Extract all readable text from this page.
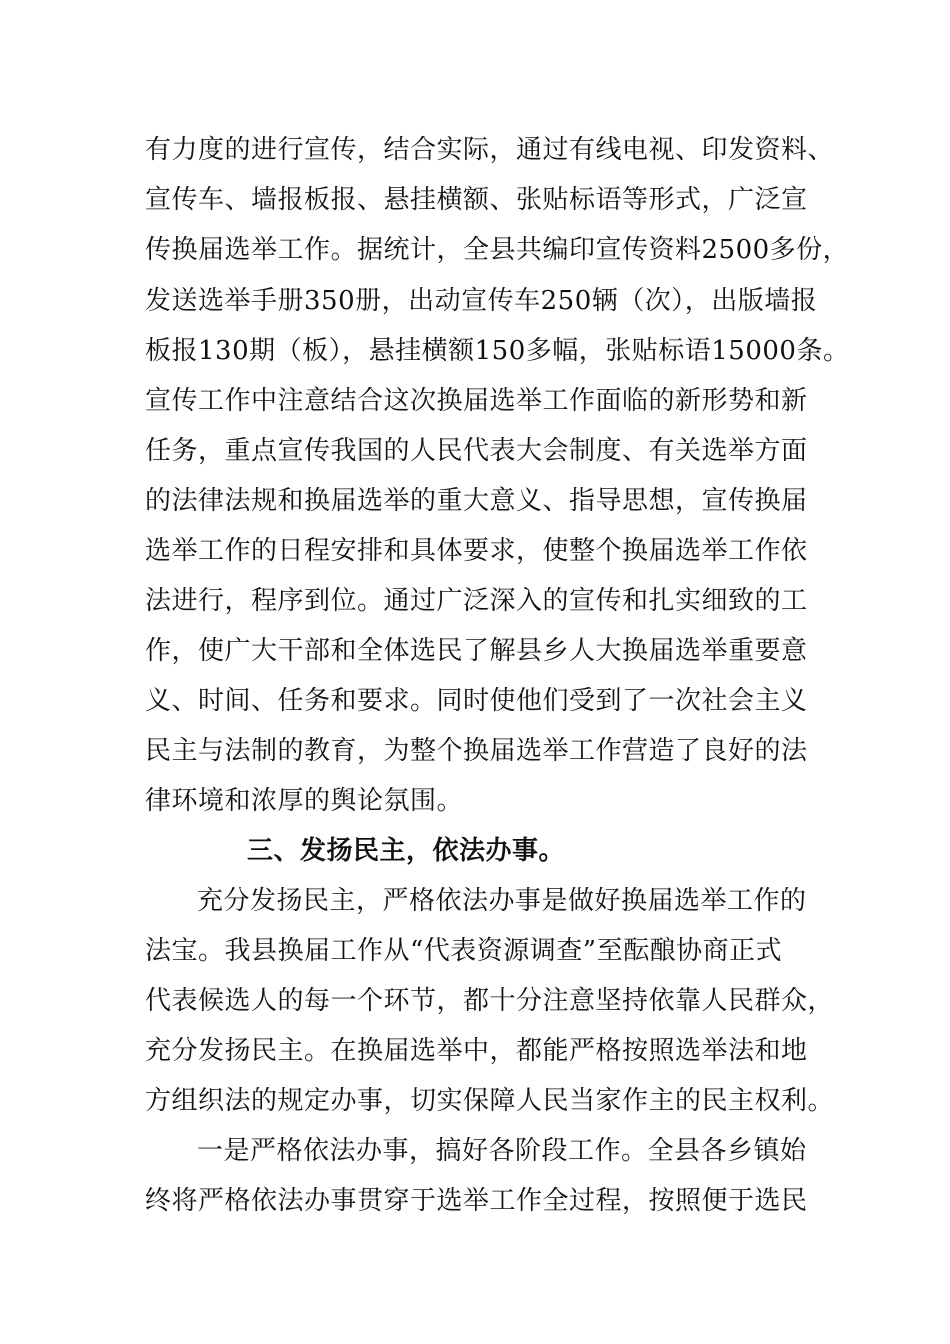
有力度的进行宣传，结合实际，通过有线电视、印发资料、
宣传车、墙报板报、悬挂横额、张贴标语等形式，广泛宣
传换届选举工作。据统计，全县共编印宣传资料2500多份，
发送选举手册350册，出动宣传车250辆（次），出版墙报
板报130期（板），悬挂横额150多幅，张贴标语15000条。
宣传工作中注意结合这次换届选举工作面临的新形势和新
任务，重点宣传我国的人民代表大会制度、有关选举方面
的法律法规和换届选举的重大意义、指导思想，宣传换届
选举工作的日程安排和具体要求，使整个换届选举工作依
法进行，程序到位。通过广泛深入的宣传和扎实细致的工
作，使广大干部和全体选民了解县乡人大换届选举重要意
义、时间、任务和要求。同时使他们受到了一次社会主义
民主与法制的教育，为整个换届选举工作营造了良好的法
律环境和浓厚的舆论氛围。
三、发扬民主，依法办事。
充分发扬民主，严格依法办事是做好换届选举工作的
法宝。我县换届工作从“代表资源调查”至酝酿协商正式
代表候选人的每一个环节，都十分注意坚持依靠人民群众，
充分发扬民主。在换届选举中，都能严格按照选举法和地
方组织法的规定办事，切实保障人民当家作主的民主权利。
一是严格依法办事，搞好各阶段工作。全县各乡镇始
终将严格依法办事贯穿于选举工作全过程，按照便于选民
